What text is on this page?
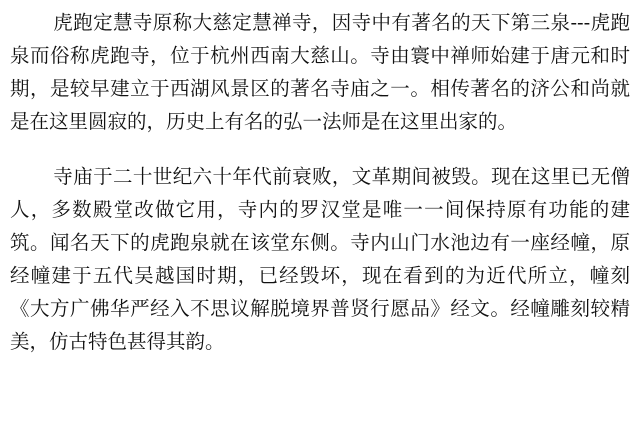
虎跑定慧寺原称大慈定慧禅寺，因寺中有著名的天下第三泉---虎跑泉而俗称虎跑寺，位于杭州西南大慈山。寺由寰中禅师始建于唐元和时期，是较早建立于西湖风景区的著名寺庙之一。相传著名的济公和尚就是在这里圆寂的，历史上有名的弘一法师是在这里出家的。

寺庙于二十世纪六十年代前衰败，文革期间被毁。现在这里已无僧人，多数殿堂改做它用，寺内的罗汉堂是唯一一间保持原有功能的建筑。闻名天下的虎跑泉就在该堂东侧。寺内山门水池边有一座经幢，原经幢建于五代吴越国时期，已经毁坏，现在看到的为近代所立，幢刻《大方广佛华严经入不思议解脱境界普贤行愿品》经文。经幢雕刻较精美，仿古特色甚得其韵。
